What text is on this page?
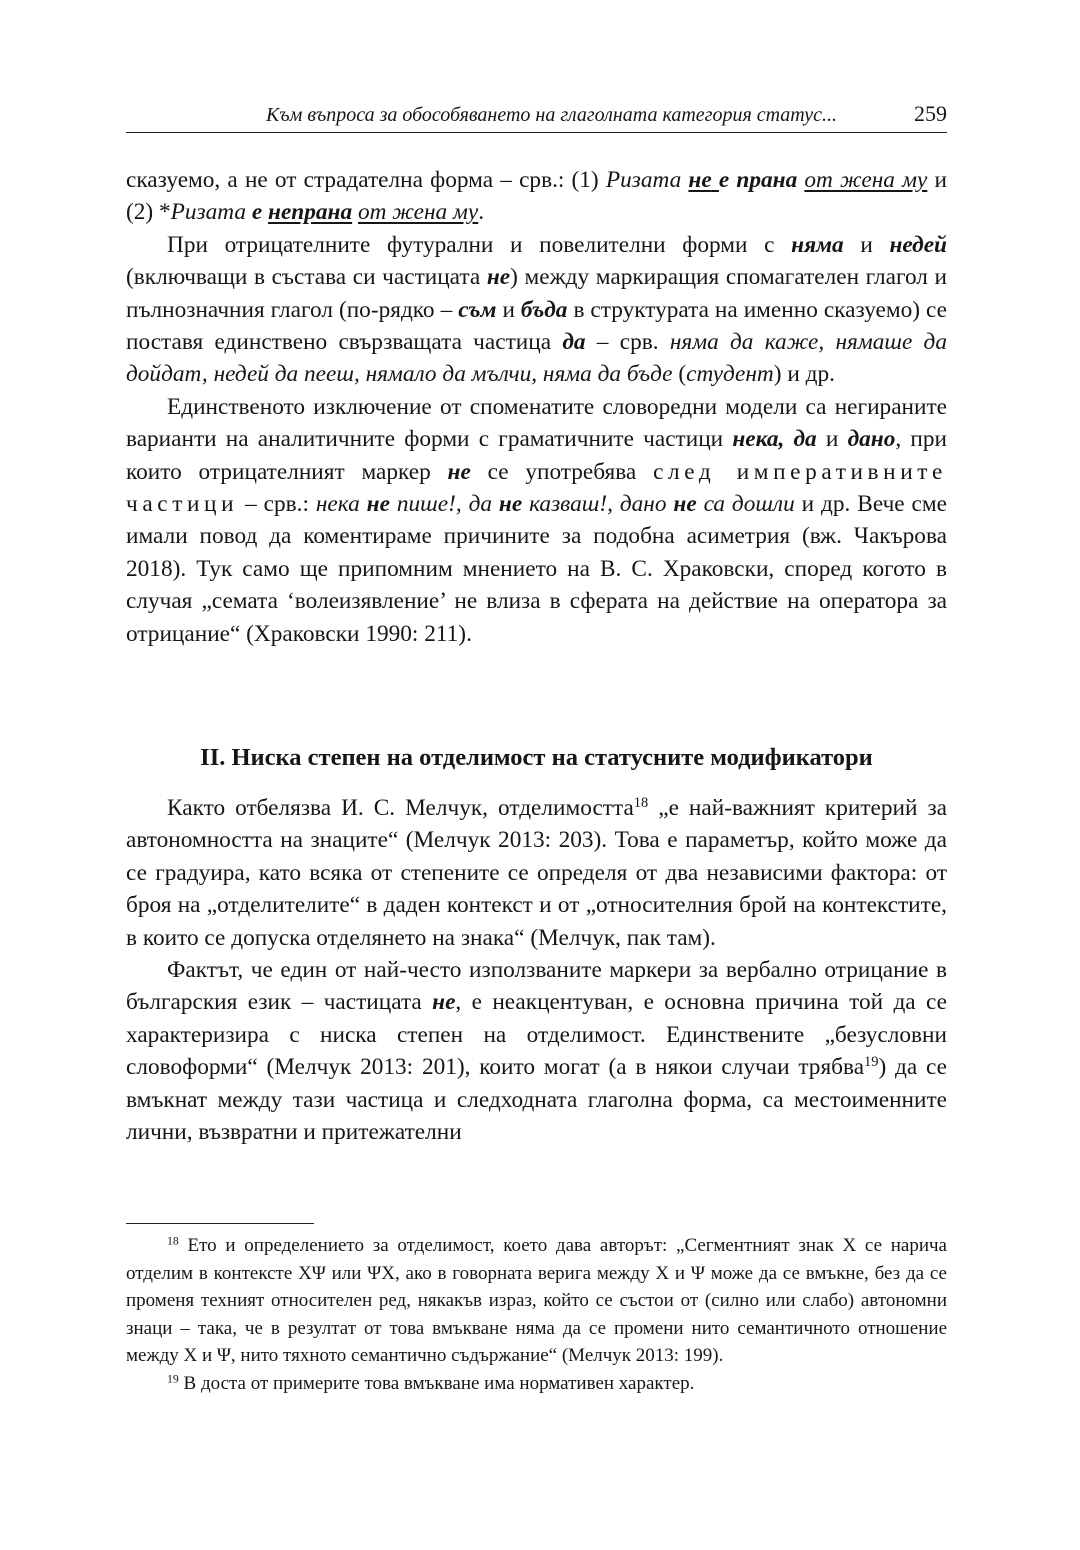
Към въпроса за обособяването на глаголната категория статус...	259

сказуемо, а не от страдателна форма – срв.: (1) Ризата не е прана от жена му и (2) *Ризата е непрана от жена му.

При отрицателните футурални и повелителни форми с няма и недей (включващи в състава си частицата не) между маркиращия спомагателен глагол и пълнозначния глагол (по-рядко – съм и бъда в структурата на именно сказуемо) се поставя единствено свързващата частица да – срв. няма да каже, нямаше да дойдат, недей да пееш, нямало да мълчи, няма да бъде (студент) и др.

Единственото изключение от споменатите словоредни модели са негираните варианти на аналитичните форми с граматичните частици нека, да и дано, при които отрицателният маркер не се употребява след императивните частици – срв.: нека не пише!, да не казваш!, дано не са дошли и др. Вече сме имали повод да коментираме причините за подобна асиметрия (вж. Чакърова 2018). Тук само ще припомним мнението на В. С. Храковски, според когото в случая „семата ‘волеизявление’ не влиза в сферата на действие на оператора за отрицание“ (Храковски 1990: 211).

II. Ниска степен на отделимост на статусните модификатори

Както отбелязва И. С. Мелчук, отделимостта$^{18}$ „е най-важният критерий за автономността на знаците“ (Мелчук 2013: 203). Това е параметър, който може да се градуира, като всяка от степените се определя от два независими фактора: от броя на „отделителите“ в даден контекст и от „относителния брой на контекстите, в които се допуска отделянето на знака“ (Мелчук, пак там).

Фактът, че един от най-често използваните маркери за вербално отрицание в българския език – частицата не, е неакцентуван, е основна причина той да се характеризира с ниска степен на отделимост. Единствените „безусловни словоформи“ (Мелчук 2013: 201), които могат (а в някои случаи трябва$^{19}$) да се вмъкнат между тази частица и следходната глаголна форма, са местоименните лични, възвратни и притежателни

$^{18}$ Ето и определението за отделимост, което дава авторът: „Сегментният знак X се нарича отделим в контексте XΨ или ΨX, ако в говорната верига между X и Ψ може да се вмъкне, без да се променя техният относителен ред, някакъв израз, който се състои от (силно или слабо) автономни знаци – така, че в резултат от това вмъкване няма да се промени нито семантичното отношение между X и Ψ, нито тяхното семантично съдържание“ (Мелчук 2013: 199).

$^{19}$ В доста от примерите това вмъкване има нормативен характер.
